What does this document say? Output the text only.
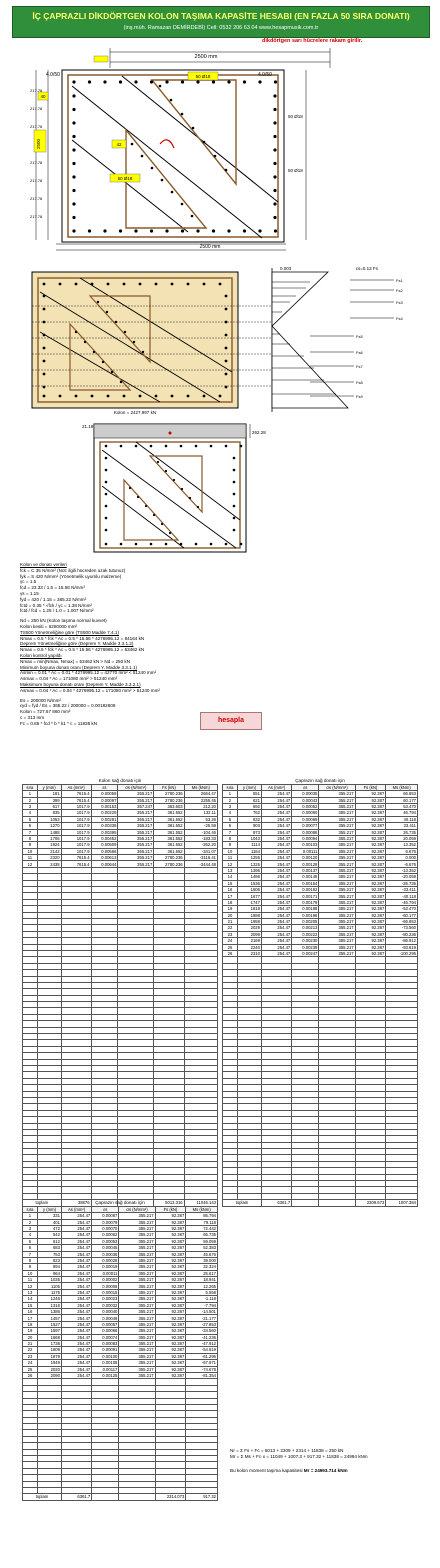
İÇ ÇAPRAZLI DİKDÖRTGEN KOLON TAŞIMA KAPASİTE HESABI (EN FAZLA 50 SIRA DONATI)
(inş.müh. Ramazan DEMİRDEBİ) Cell: 0532 206 63 04 www.hesapmusik.com.tr
dikdörtgen sarı hücrelere rakam girilir.
2500 mm
2500 mm
4.0/50	4.0/50
50 Ø18
50 Ø18
42
2500
40
217.78
217.78
217.78
217.78
217.78
217.78
217.78
50 Ø18
50 Ø18
εs=0.13 Fs
0.003
Kolon = 2427.997 kN
Fs1
Fs2
Fs3
Fs4
Fs5
Fs6
Fs7
Fs8
Fs9
21.19
262.28
Kolon ve donatı verileri
fck = C 35 N/mm² (Not: ilgili hücreden uzak tutunuz)
fyk = S 420 N/mm² (Yönetmelik uyumlu malzeme)
γc = 1.5
fcd = 23.33 / 1.5 = 15.56 N/mm²
γs = 1.15
fyd = 420 / 1.15 = 365.22 N/mm²
fctd = 0.35 * √fck / γc = 1.38 N/mm²
fctd / fcd = 1.25 / 1.0 = 1.007 N/mm²
Nd = 250 kN (Kolon taşıma normal kuvvet)
Kolon kesiti = 6250000 mm²
TS500 Yönetmeliğine göre (TS500 Madde 7.4.1)
Nmax = 0.5 * fck * Ac = 0.5 * 15.56 * 4276995.12 = 84164 kN
Deprem Yönetmeliğine göre (Deprem Y. Madde 3.3.1.2)
Nmax = 0.5 * fck * Ac = 0.5 * 15.56 * 4276995.12 = 53462 kN
Kolon kontrol yapıldı
Nmax = min(Nmax, Nmax) = 53462 kN > Nd = 250 kN
Minimum boyuna donatı oranı (Deprem Y. Madde 3.3.1.1)
Asmin = 0.01 * Ac = 0.01 * 4276995.12 = 42770 mm² < 51240 mm²
Asmax = 0.04 * Ac = 171080 mm² > 51240 mm²
Maksimum boyuna donatı oranı (Deprem Y. Madde 3.3.2.1)
Asmax = 0.04 * Ac = 0.04 * 4276995.12 = 171080 mm² > 51240 mm²
Es = 200000 N/mm²
εyd = fyd / Es = 365.22 / 200000 = 0.00182609
Kolon = 727.67 860 mm²
c = 313 mm
Fc = 0.85 * fcd * b * k1 * c = 11838 kN	hesapla
Kolon sağ donatı için
sıra	y (mm)	As (mm²)	εs	σs (N/mm²)	Fs (kN)	Ms (kNm)
1	181	7615.4	0.00058	355.217	2780.236	2664.47
2	399	7615.4	0.00097	355.217	2780.236	2255.45
3	617	1017.9	0.00153	357.247	363.603	212.20
4	835	1017.9	0.00229	355.217	361.552	132.11
5	1053	1017.9	0.00281	355.217	361.552	53.26
6	1270	1017.9	0.00338	355.217	361.552	-25.59
7	1488	1017.9	0.00395	355.217	361.552	-104.46
8	1706	1017.9	0.00452	355.217	361.552	-183.33
9	1924	1017.9	0.00509	355.217	361.552	-262.20
10	2142	1017.9	0.00566	355.217	361.552	-341.07
11	2320	7615.4	0.00613	355.217	2780.236	-3116.41
12	2438	7615.4	0.00644	355.217	2780.236	-3444.48

toplam		38876			5013.316	11046.143
Çaprazın sağ donatı için
sıra	y (mm)	As (mm²)	εs	σs (N/mm²)	Fs (kN)	Ms (kNm)
1	551	254.47	0.00035	355.217	92.387	66.853
2	621	254.47	0.00043	355.217	92.387	60.177
3	692	254.47	0.00052	355.217	92.387	53.470
4	762	254.47	0.00060	355.217	92.387	46.794
5	832	254.47	0.00069	355.217	92.387	40.118
6	903	254.47	0.00077	355.217	92.387	33.411
7	973	254.47	0.00086	355.217	92.387	26.735
8	1043	254.47	0.00094	355.217	92.387	20.059
9	1114	254.47	0.00103	355.217	92.387	13.352
10	1184	254.47	0.00111	355.217	92.387	6.676
11	1255	254.47	0.00120	355.217	92.387	0.000
12	1325	254.47	0.00128	355.217	92.387	-6.676
13	1395	254.47	0.00137	355.217	92.387	-13.352
14	1466	254.47	0.00145	355.217	92.387	-20.059
15	1536	254.47	0.00154	355.217	92.387	-26.735
16	1606	254.47	0.00162	355.217	92.387	-33.411
17	1677	254.47	0.00171	355.217	92.387	-40.118
18	1747	254.47	0.00179	355.217	92.387	-46.794
19	1818	254.47	0.00188	355.217	92.387	-53.470
20	1888	254.47	0.00196	355.217	92.387	-60.177
21	1958	254.47	0.00205	355.217	92.387	-66.853
22	2029	254.47	0.00213	355.217	92.387	-73.560
23	2099	254.47	0.00222	355.217	92.387	-80.236
24	2169	254.47	0.00230	355.217	92.387	-86.912
25	2240	254.47	0.00239	355.217	92.387	-93.619
26	2310	254.47	0.00247	355.217	92.387	-100.295

toplam		6361.7			2309.673	1007.384
Çaprazın sağ donatı için
sıra	y (mm)	As (mm²)	εs	σs (N/mm²)	Fs (kN)	Ms (kNm)
1	331	254.47	0.00087	355.217	92.387	85.794
2	401	254.47	0.00079	355.217	92.387	79.118
3	472	254.47	0.00070	355.217	92.387	72.442
4	542	254.47	0.00062	355.217	92.387	65.735
5	612	254.47	0.00053	355.217	92.387	59.059
6	683	254.47	0.00045	355.217	92.387	52.383
7	753	254.47	0.00036	355.217	92.387	45.676
8	823	254.47	0.00028	355.217	92.387	39.000
9	894	254.47	0.00019	355.217	92.387	32.324
10	964	254.47	0.00011	355.217	92.387	25.617
11	1035	254.47	0.00002	355.217	92.387	18.941
12	1105	254.47	0.00006	355.217	92.387	12.265
13	1175	254.47	0.00015	355.217	92.387	5.558
14	1246	254.47	0.00023	355.217	92.387	-1.118
15	1316	254.47	0.00032	355.217	92.387	-7.794
16	1386	254.47	0.00040	355.217	92.387	-14.501
17	1457	254.47	0.00049	355.217	92.387	-21.177
18	1527	254.47	0.00057	355.217	92.387	-27.853
19	1597	254.47	0.00066	355.217	92.387	-34.560
20	1668	254.47	0.00074	355.217	92.387	-41.236
21	1738	254.47	0.00083	355.217	92.387	-47.912
22	1809	254.47	0.00091	355.217	92.387	-54.619
23	1879	254.47	0.00100	355.217	92.387	-61.295
24	1949	254.47	0.00108	355.217	92.387	-67.971
25	2020	254.47	0.00117	355.217	92.387	-74.678
26	2090	254.47	0.00125	355.217	92.387	-81.354

toplam		6361.7			2314.073	917.32
Nr = Σ Fs + Fc = 5013 + 2309 + 2314 + 11838 = 250 kN
Mr = Σ Ms + Fc·x = 11049 + 1007.3 + 917.32 + 11838 = 24994 kNm
Bu kolon moment taşıma kapasitesi Mr = 24993.714 kNm
